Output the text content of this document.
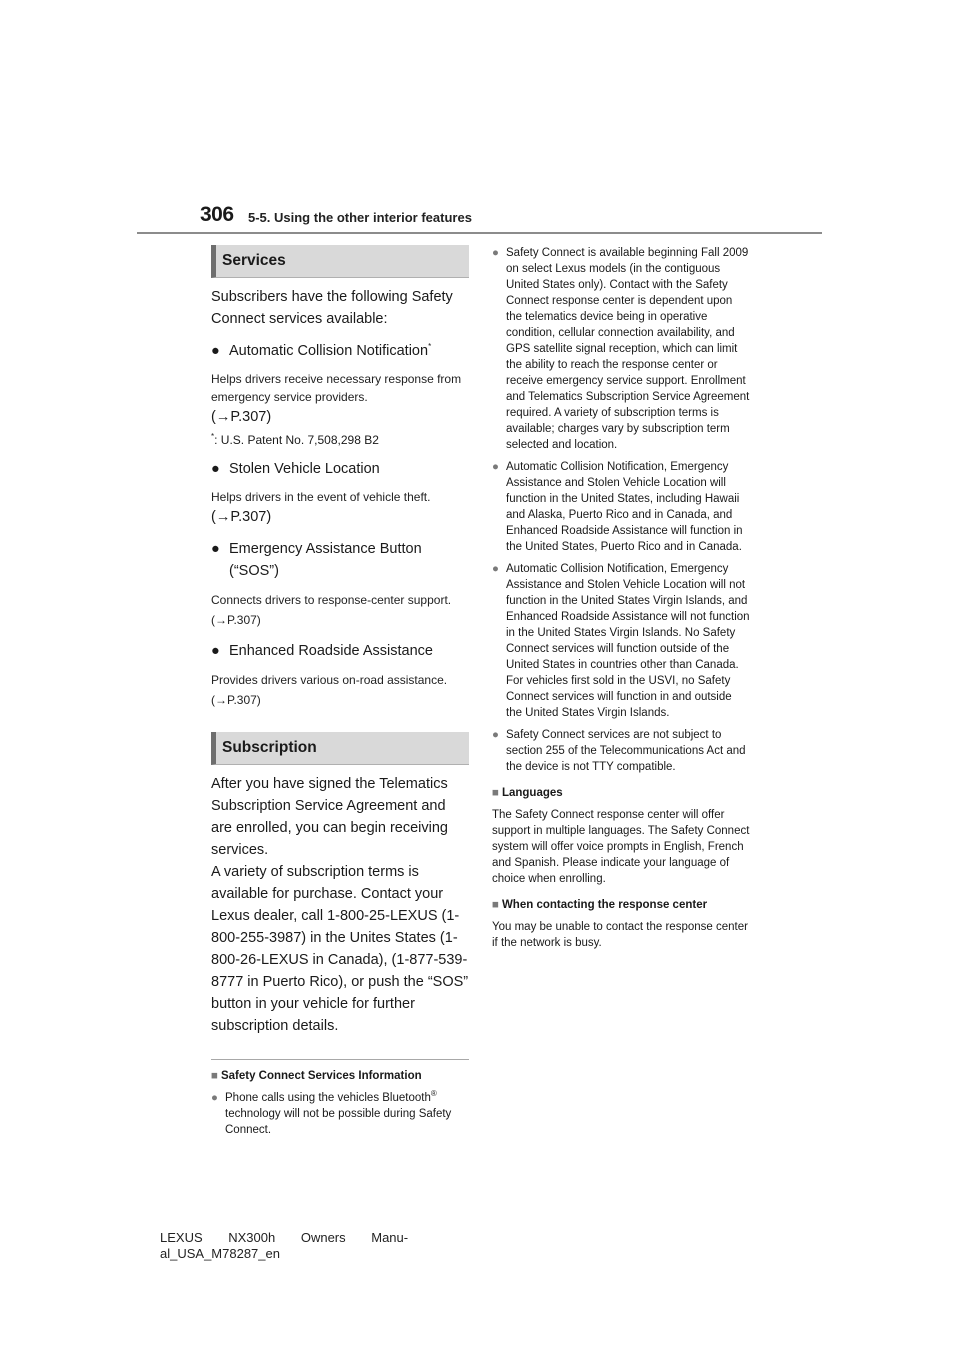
306 5-5. Using the other interior features
Services

Subscribers have the following Safety Connect services available:

● Automatic Collision Notification*

Helps drivers receive necessary response from emergency service providers.

(→P.307)

*: U.S. Patent No. 7,508,298 B2

● Stolen Vehicle Location

Helps drivers in the event of vehicle theft.

(→P.307)

● Emergency Assistance Button (“SOS”)

Connects drivers to response-center support. (→P.307)

● Enhanced Roadside Assistance

Provides drivers various on-road assistance. (→P.307)

Subscription

After you have signed the Telematics Subscription Service Agreement and are enrolled, you can begin receiving services.

A variety of subscription terms is available for purchase. Contact your Lexus dealer, call 1-800-25-LEXUS (1-800-255-3987) in the Unites States (1-800-26-LEXUS in Canada), (1-877-539-8777 in Puerto Rico), or push the “SOS” button in your vehicle for further subscription details.

■ Safety Connect Services Information

● Phone calls using the vehicles Bluetooth® technology will not be possible during Safety Connect.

● Safety Connect is available beginning Fall 2009 on select Lexus models (in the contiguous United States only). Contact with the Safety Connect response center is dependent upon the telematics device being in operative condition, cellular connection availability, and GPS satellite signal reception, which can limit the ability to reach the response center or receive emergency service support. Enrollment and Telematics Subscription Service Agreement required. A variety of subscription terms is available; charges vary by subscription term selected and location.

● Automatic Collision Notification, Emergency Assistance and Stolen Vehicle Location will function in the United States, including Hawaii and Alaska, Puerto Rico and in Canada, and Enhanced Roadside Assistance will function in the United States, Puerto Rico and in Canada.

● Automatic Collision Notification, Emergency Assistance and Stolen Vehicle Location will not function in the United States Virgin Islands, and Enhanced Roadside Assistance will not function in the United States Virgin Islands. No Safety Connect services will function outside of the United States in countries other than Canada. For vehicles first sold in the USVI, no Safety Connect services will function in and outside the United States Virgin Islands.

● Safety Connect services are not subject to section 255 of the Telecommunications Act and the device is not TTY compatible.

■ Languages

The Safety Connect response center will offer support in multiple languages. The Safety Connect system will offer voice prompts in English, French and Spanish. Please indicate your language of choice when enrolling.

■ When contacting the response center

You may be unable to contact the response center if the network is busy.

LEXUS NX300h Owners Manu-
al_USA_M78287_en
